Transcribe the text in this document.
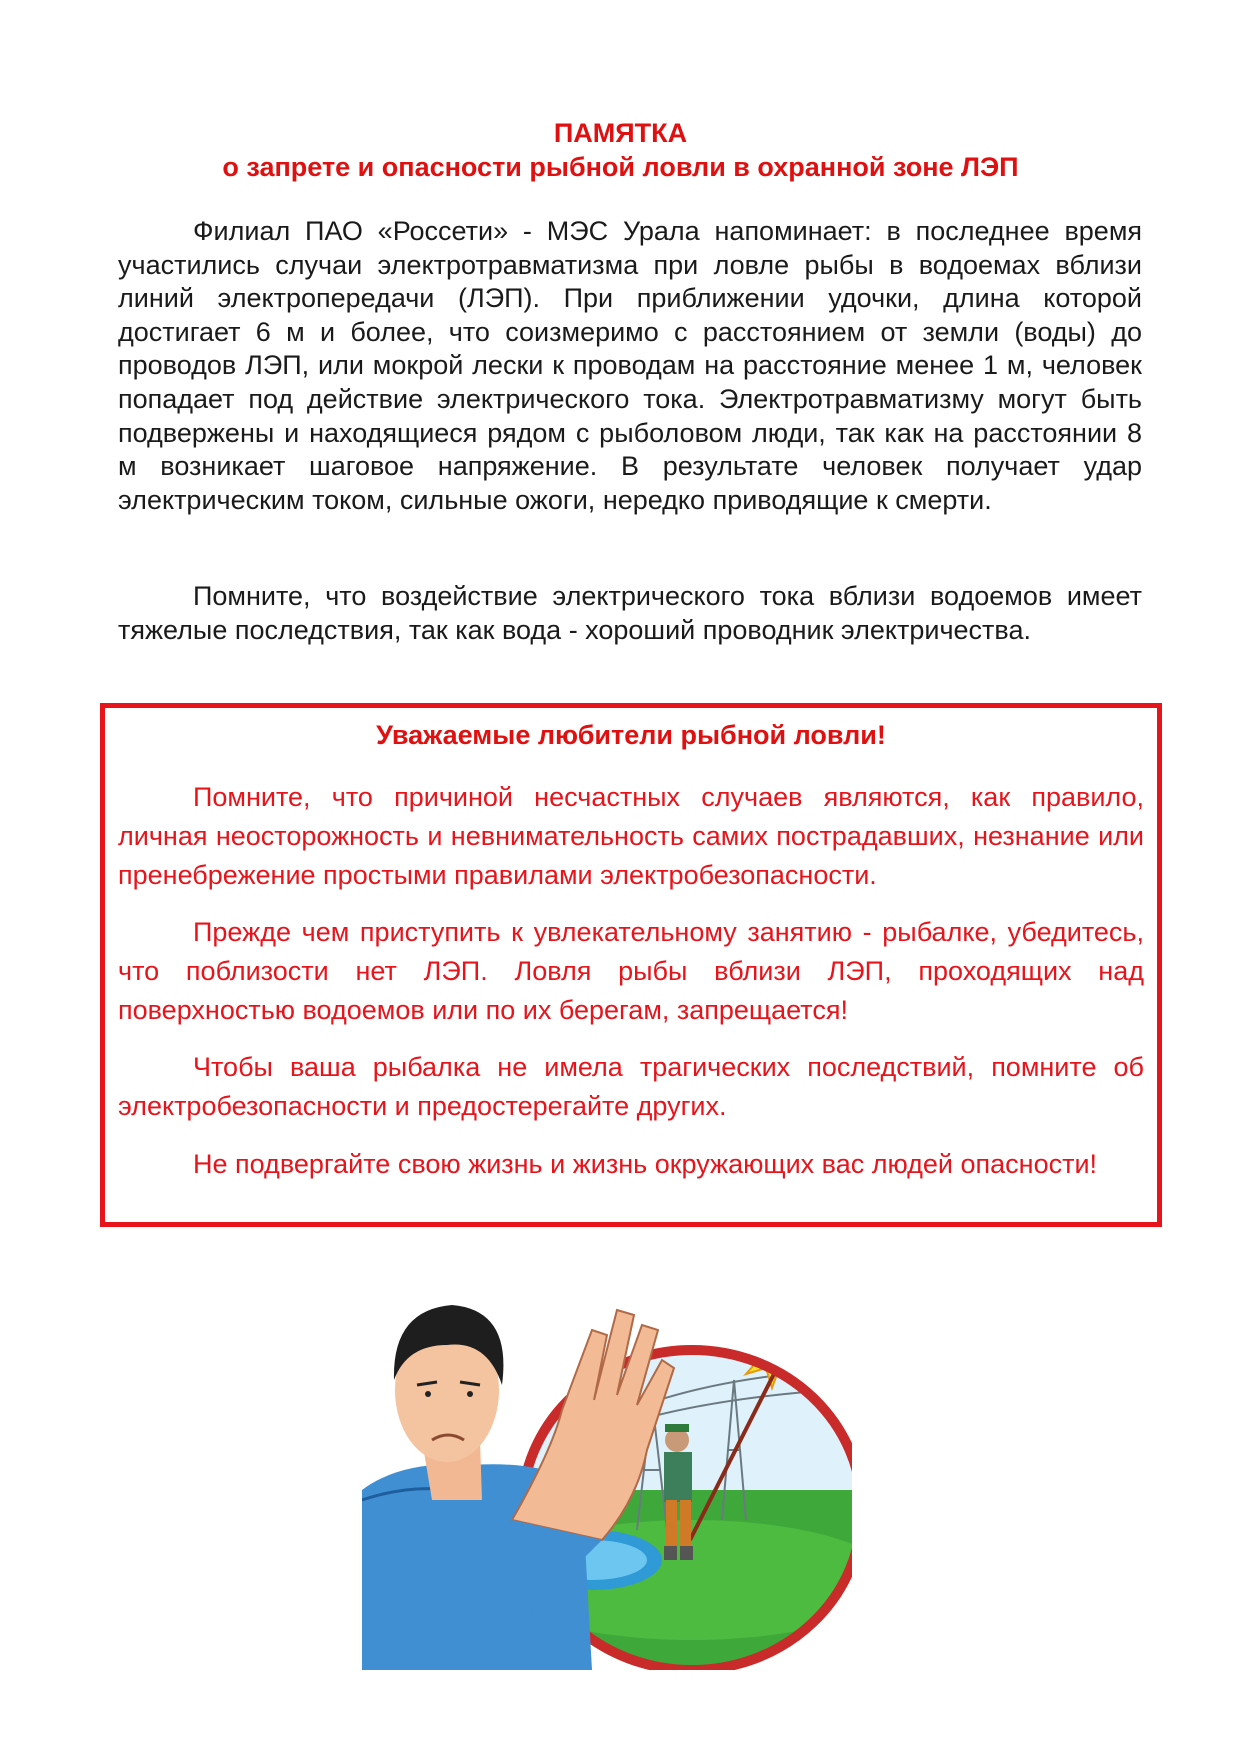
ПАМЯТКА
о запрете и опасности рыбной ловли в охранной зоне ЛЭП

Филиал ПАО «Россети» - МЭС Урала напоминает: в последнее время участились случаи электротравматизма при ловле рыбы в водоемах вблизи линий электропередачи (ЛЭП). При приближении удочки, длина которой достигает 6 м и более, что соизмеримо с расстоянием от земли (воды) до проводов ЛЭП, или мокрой лески к проводам на расстояние менее 1 м, человек попадает под действие электрического тока. Электротравматизму могут быть подвержены и находящиеся рядом с рыболовом люди, так как на расстоянии 8 м возникает шаговое напряжение. В результате человек получает удар электрическим током, сильные ожоги, нередко приводящие к смерти.

Помните, что воздействие электрического тока вблизи водоемов имеет тяжелые последствия, так как вода - хороший проводник электричества.

Уважаемые любители рыбной ловли!

Помните, что причиной несчастных случаев являются, как правило, личная неосторожность и невнимательность самих пострадавших, незнание или пренебрежение простыми правилами электробезопасности.

Прежде чем приступить к увлекательному занятию - рыбалке, убедитесь, что поблизости нет ЛЭП. Ловля рыбы вблизи ЛЭП, проходящих над поверхностью водоемов или по их берегам, запрещается!

Чтобы ваша рыбалка не имела трагических последствий, помните об электробезопасности и предостерегайте других.

Не подвергайте свою жизнь и жизнь окружающих вас людей опасности!
